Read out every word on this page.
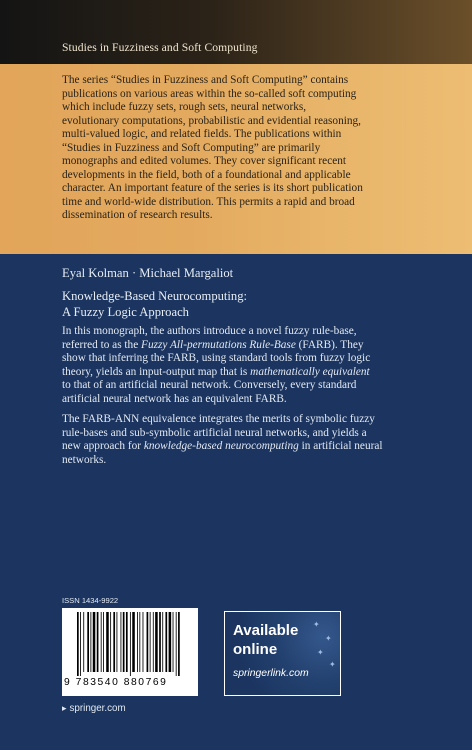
Studies in Fuzziness and Soft Computing
The series “Studies in Fuzziness and Soft Computing” contains
publications on various areas within the so-called soft computing
which include fuzzy sets, rough sets, neural networks,
evolutionary computations, probabilistic and evidential reasoning,
multi-valued logic, and related fields. The publications within
“Studies in Fuzziness and Soft Computing” are primarily
monographs and edited volumes. They cover significant recent
developments in the field, both of a foundational and applicable
character. An important feature of the series is its short publication
time and world-wide distribution. This permits a rapid and broad
dissemination of research results.
Eyal Kolman · Michael Margaliot
Knowledge-Based Neurocomputing:
A Fuzzy Logic Approach
In this monograph, the authors introduce a novel fuzzy rule-base,
referred to as the Fuzzy All-permutations Rule-Base (FARB). They
show that inferring the FARB, using standard tools from fuzzy logic
theory, yields an input-output map that is mathematically equivalent
to that of an artificial neural network. Conversely, every standard
artificial neural network has an equivalent FARB.
The FARB-ANN equivalence integrates the merits of symbolic fuzzy
rule-bases and sub-symbolic artificial neural networks, and yields a
new approach for knowledge-based neurocomputing in artificial neural
networks.
ISSN 1434-9922
9 783540 880769
▸ springer.com
Available
online
springerlink.com
✦
✦
✦
✦
